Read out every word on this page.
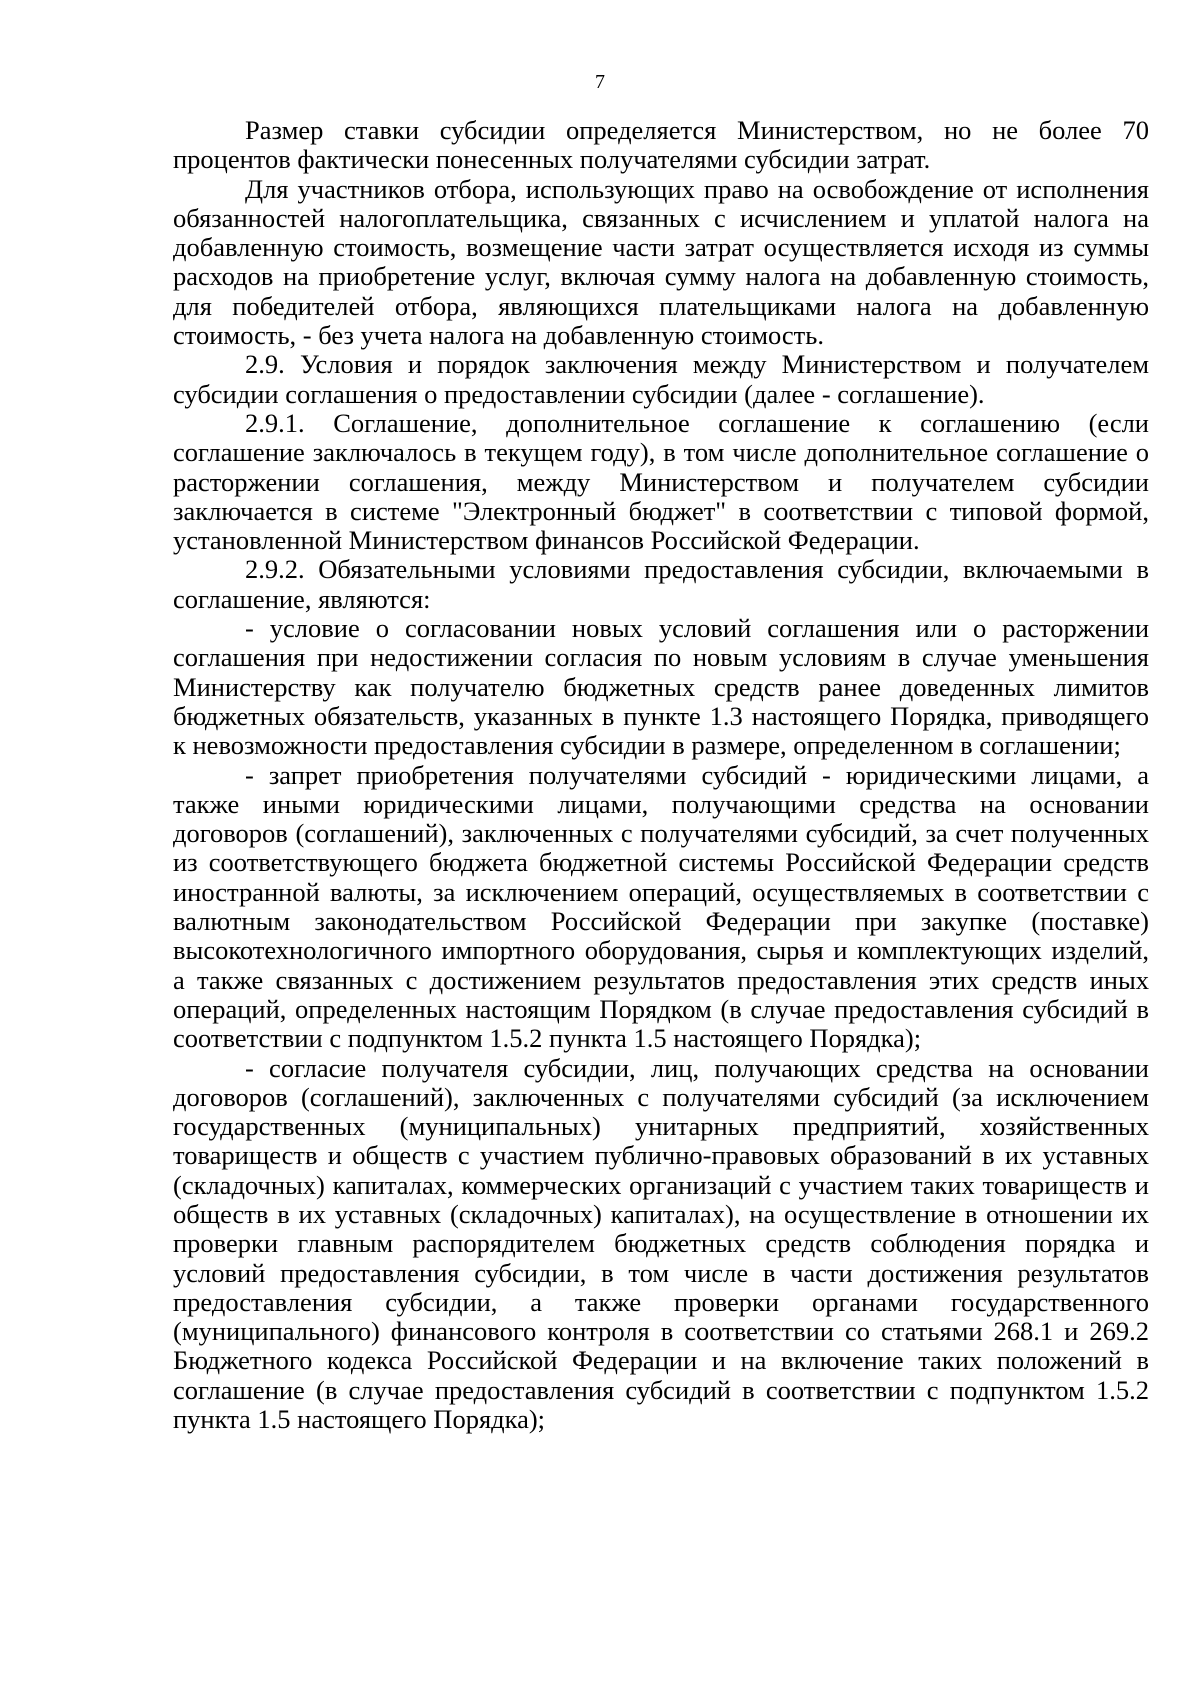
7

Размер ставки субсидии определяется Министерством, но не более 70 процентов фактически понесенных получателями субсидии затрат.

Для участников отбора, использующих право на освобождение от исполнения обязанностей налогоплательщика, связанных с исчислением и уплатой налога на добавленную стоимость, возмещение части затрат осуществляется исходя из суммы расходов на приобретение услуг, включая сумму налога на добавленную стоимость, для победителей отбора, являющихся плательщиками налога на добавленную стоимость, - без учета налога на добавленную стоимость.

2.9. Условия и порядок заключения между Министерством и получателем субсидии соглашения о предоставлении субсидии (далее - соглашение).

2.9.1. Соглашение, дополнительное соглашение к соглашению (если соглашение заключалось в текущем году), в том числе дополнительное соглашение о расторжении соглашения, между Министерством и получателем субсидии заключается в системе "Электронный бюджет" в соответствии с типовой формой, установленной Министерством финансов Российской Федерации.

2.9.2. Обязательными условиями предоставления субсидии, включаемыми в соглашение, являются:

- условие о согласовании новых условий соглашения или о расторжении соглашения при недостижении согласия по новым условиям в случае уменьшения Министерству как получателю бюджетных средств ранее доведенных лимитов бюджетных обязательств, указанных в пункте 1.3 настоящего Порядка, приводящего к невозможности предоставления субсидии в размере, определенном в соглашении;

- запрет приобретения получателями субсидий - юридическими лицами, а также иными юридическими лицами, получающими средства на основании договоров (соглашений), заключенных с получателями субсидий, за счет полученных из соответствующего бюджета бюджетной системы Российской Федерации средств иностранной валюты, за исключением операций, осуществляемых в соответствии с валютным законодательством Российской Федерации при закупке (поставке) высокотехнологичного импортного оборудования, сырья и комплектующих изделий, а также связанных с достижением результатов предоставления этих средств иных операций, определенных настоящим Порядком (в случае предоставления субсидий в соответствии с подпунктом 1.5.2 пункта 1.5 настоящего Порядка);

- согласие получателя субсидии, лиц, получающих средства на основании договоров (соглашений), заключенных с получателями субсидий (за исключением государственных (муниципальных) унитарных предприятий, хозяйственных товариществ и обществ с участием публично-правовых образований в их уставных (складочных) капиталах, коммерческих организаций с участием таких товариществ и обществ в их уставных (складочных) капиталах), на осуществление в отношении их проверки главным распорядителем бюджетных средств соблюдения порядка и условий предоставления субсидии, в том числе в части достижения результатов предоставления субсидии, а также проверки органами государственного (муниципального) финансового контроля в соответствии со статьями 268.1 и 269.2 Бюджетного кодекса Российской Федерации и на включение таких положений в соглашение (в случае предоставления субсидий в соответствии с подпунктом 1.5.2 пункта 1.5 настоящего Порядка);
